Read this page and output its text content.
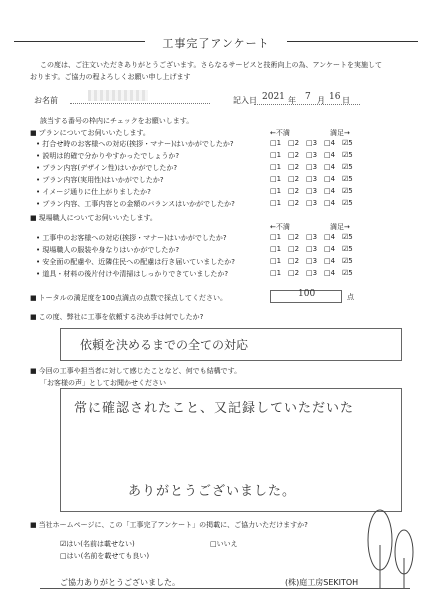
工事完了アンケート
この度は、ご注文いただきありがとうございます。さらなるサービスと技術向上の為、アンケートを実施して
おります。ご協力の程よろしくお願い申し上げます
お名前	記入日 2021 年 7 月 16 日
該当する番号の枠内にチェックをお願いします。
■ プランについてお伺いいたします。	←不満	満足→
• 打合せ時のお客様への対応(挨拶・マナー)はいかがでしたか?	□1 □2 □3 □4 ☑5
• 説明は的確で分かりやすかったでしょうか?	□1 □2 □3 □4 ☑5
• プラン内容(デザイン性)はいかがでしたか?	□1 □2 □3 □4 ☑5
• プラン内容(実用性)はいかがでしたか?	□1 □2 □3 □4 ☑5
• イメージ通りに仕上がりましたか?	□1 □2 □3 □4 ☑5
• プラン内容、工事内容との金額のバランスはいかがでしたか?	□1 □2 □3 □4 ☑5
■ 現場職人についてお伺いいたします。
←不満	満足→
• 工事中のお客様への対応(挨拶・マナー)はいかがでしたか?	□1 □2 □3 □4 ☑5
• 現場職人の服装や身なりはいかがでしたか?	□1 □2 □3 □4 ☑5
• 安全面の配慮や、近隣住民への配慮は行き届いていましたか?	□1 □2 □3 □4 ☑5
• 道具・材料の後片付けや清掃はしっかりできていましたか?	□1 □2 □3 □4 ☑5
■ トータルの満足度を100点満点の点数で採点してください。	100	点
■ この度、弊社に工事を依頼する決め手は何でしたか?
依頼を決めるまでの全ての対応
■ 今回の工事や担当者に対して感じたことなど、何でも結構です。
「お客様の声」としてお聞かせください
常に確認されたこと、又記録していただいた
ありがとうございました。
■ 当社ホームページに、この「工事完了アンケート」の掲載に、ご協力いただけますか?
☑はい(名前は載せない)	□いいえ
□はい(名前を載せても良い)
ご協力ありがとうございました。	(株)庭工房SEKITOH
